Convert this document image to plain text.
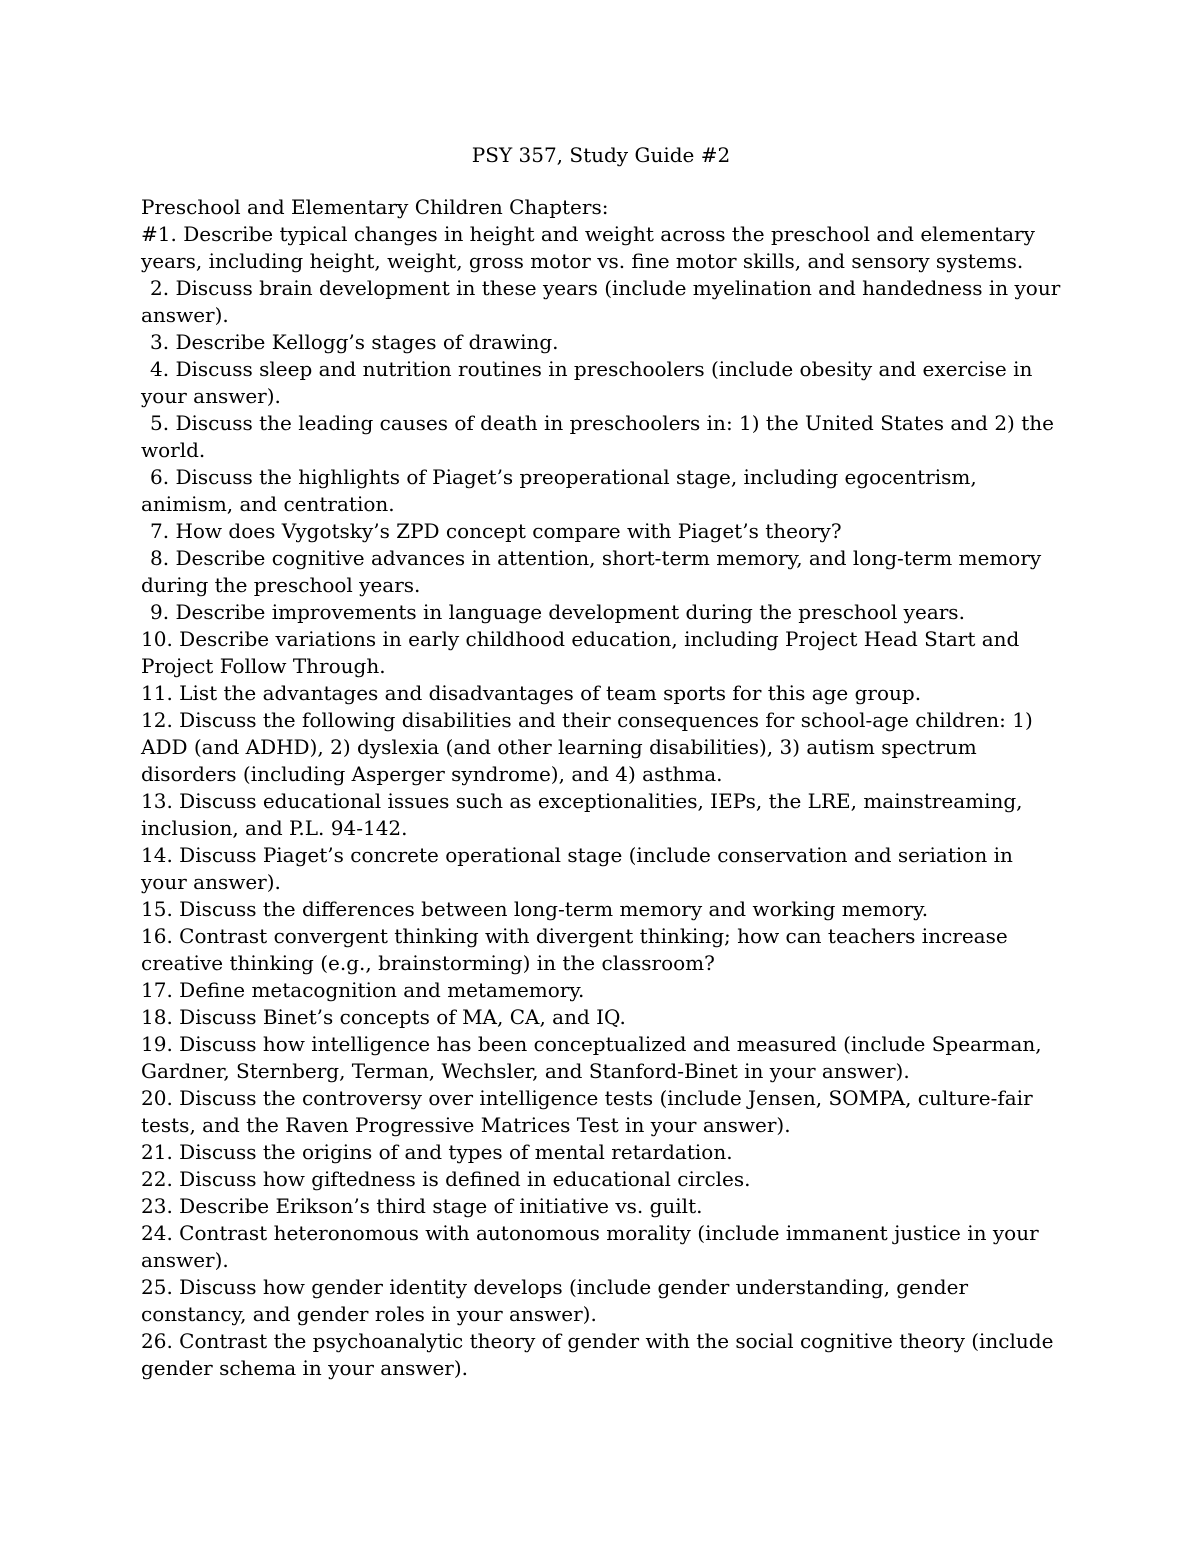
PSY 357, Study Guide #2

Preschool and Elementary Children Chapters:

#1. Describe typical changes in height and weight across the preschool and elementary years, including height, weight, gross motor vs. fine motor skills, and sensory systems.
2. Discuss brain development in these years (include myelination and handedness in your answer).
3. Describe Kellogg’s stages of drawing.
4. Discuss sleep and nutrition routines in preschoolers (include obesity and exercise in your answer).
5. Discuss the leading causes of death in preschoolers in: 1) the United States and 2) the world.
6. Discuss the highlights of Piaget’s preoperational stage, including egocentrism, animism, and centration.
7. How does Vygotsky’s ZPD concept compare with Piaget’s theory?
8. Describe cognitive advances in attention, short-term memory, and long-term memory during the preschool years.
9. Describe improvements in language development during the preschool years.
10. Describe variations in early childhood education, including Project Head Start and Project Follow Through.
11. List the advantages and disadvantages of team sports for this age group.
12. Discuss the following disabilities and their consequences for school-age children: 1) ADD (and ADHD), 2) dyslexia (and other learning disabilities), 3) autism spectrum disorders (including Asperger syndrome), and 4) asthma.
13. Discuss educational issues such as exceptionalities, IEPs, the LRE, mainstreaming, inclusion, and P.L. 94-142.
14. Discuss Piaget’s concrete operational stage (include conservation and seriation in your answer).
15. Discuss the differences between long-term memory and working memory.
16. Contrast convergent thinking with divergent thinking; how can teachers increase creative thinking (e.g., brainstorming) in the classroom?
17. Define metacognition and metamemory.
18. Discuss Binet’s concepts of MA, CA, and IQ.
19. Discuss how intelligence has been conceptualized and measured (include Spearman, Gardner, Sternberg, Terman, Wechsler, and Stanford-Binet in your answer).
20. Discuss the controversy over intelligence tests (include Jensen, SOMPA, culture-fair tests, and the Raven Progressive Matrices Test in your answer).
21. Discuss the origins of and types of mental retardation.
22. Discuss how giftedness is defined in educational circles.
23. Describe Erikson’s third stage of initiative vs. guilt.
24. Contrast heteronomous with autonomous morality (include immanent justice in your answer).
25. Discuss how gender identity develops (include gender understanding, gender constancy, and gender roles in your answer).
26. Contrast the psychoanalytic theory of gender with the social cognitive theory (include gender schema in your answer).
